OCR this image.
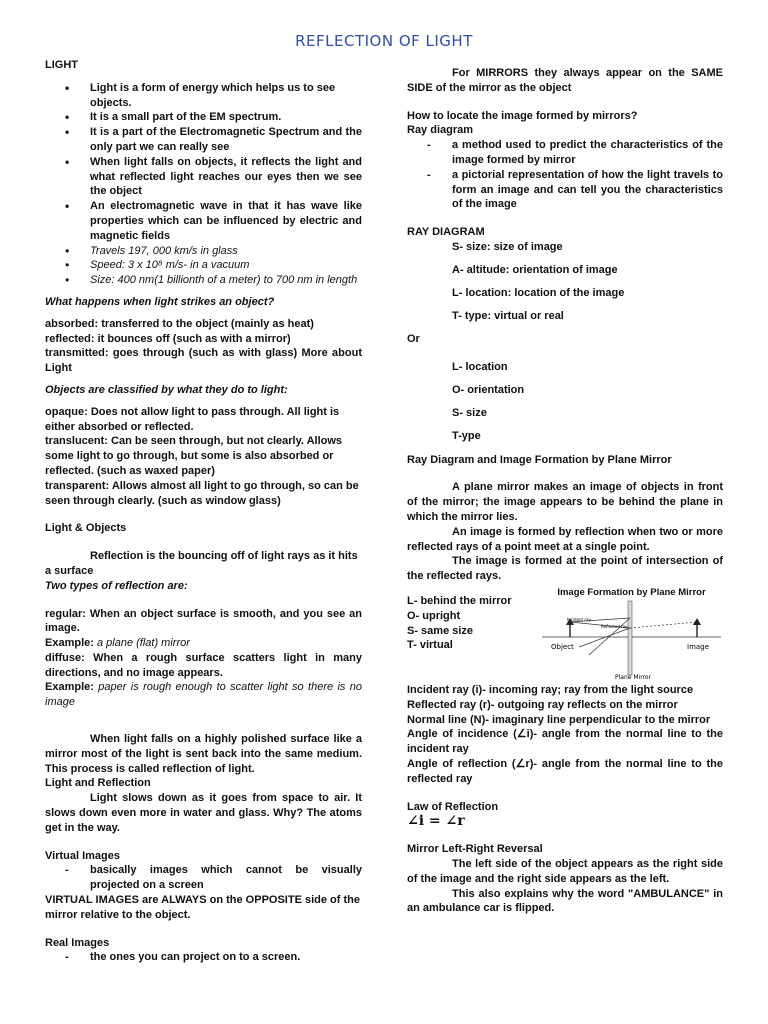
REFLECTION OF LIGHT

LIGHT

• Light is a form of energy which helps us to see objects.
• It is a small part of the EM spectrum.
• It is a part of the Electromagnetic Spectrum and the only part we can really see
• When light falls on objects, it reflects the light and what reflected light reaches our eyes then we see the object
• An electromagnetic wave in that it has wave like properties which can be influenced by electric and magnetic fields
• Travels 197, 000 km/s in glass
• Speed: 3 x 10⁸ m/s- in a vacuum
• Size: 400 nm(1 billionth of a meter) to 700 nm in length

What happens when light strikes an object?

absorbed: transferred to the object (mainly as heat)

reflected: it bounces off (such as with a mirror)

transmitted: goes through (such as with glass) More about Light

Objects are classified by what they do to light:

opaque: Does not allow light to pass through. All light is either absorbed or reflected.

translucent: Can be seen through, but not clearly. Allows some light to go through, but some is also absorbed or reflected. (such as waxed paper)

transparent: Allows almost all light to go through, so can be seen through clearly. (such as window glass)

Light & Objects

Reflection is the bouncing off of light rays as it hits a surface

Two types of reflection are:

regular: When an object surface is smooth, and you see an image.

Example: a plane (flat) mirror

diffuse: When a rough surface scatters light in many directions, and no image appears.

Example: paper is rough enough to scatter light so there is no image

When light falls on a highly polished surface like a mirror most of the light is sent back into the same medium. This process is called reflection of light.

Light and Reflection

Light slows down as it goes from space to air. It slows down even more in water and glass. Why? The atoms get in the way.

Virtual Images

- basically images which cannot be visually projected on a screen

VIRTUAL IMAGES are ALWAYS on the OPPOSITE side of the mirror relative to the object.

Real Images

- the ones you can project on to a screen.

For MIRRORS they always appear on the SAME SIDE of the mirror as the object

How to locate the image formed by mirrors?

Ray diagram

- a method used to predict the characteristics of the image formed by mirror
- a pictorial representation of how the light travels to form an image and can tell you the characteristics of the image

RAY DIAGRAM

S- size: size of image

A- altitude: orientation of image

L- location: location of the image

T- type: virtual or real

Or

L- location

O- orientation

S- size

T-ype

Ray Diagram and Image Formation by Plane Mirror

A plane mirror makes an image of objects in front of the mirror; the image appears to be behind the plane in which the mirror lies.

An image is formed by reflection when two or more reflected rays of a point meet at a single point.

The image is formed at the point of intersection of the reflected rays.

L- behind the mirror

O- upright

S- same size

T- virtual

Image Formation by Plane Mirror
Incident ray
Reflected ray
Object	Image
Plane Mirror

Incident ray (i)- incoming ray; ray from the light source

Reflected ray (r)- outgoing ray reflects on the mirror

Normal line (N)- imaginary line perpendicular to the mirror

Angle of incidence (∠i)- angle from the normal line to the incident ray

Angle of reflection (∠r)- angle from the normal line to the reflected ray

Law of Reflection

∠i = ∠r

Mirror Left-Right Reversal

The left side of the object appears as the right side of the image and the right side appears as the left.

This also explains why the word "AMBULANCE" in an ambulance car is flipped.
